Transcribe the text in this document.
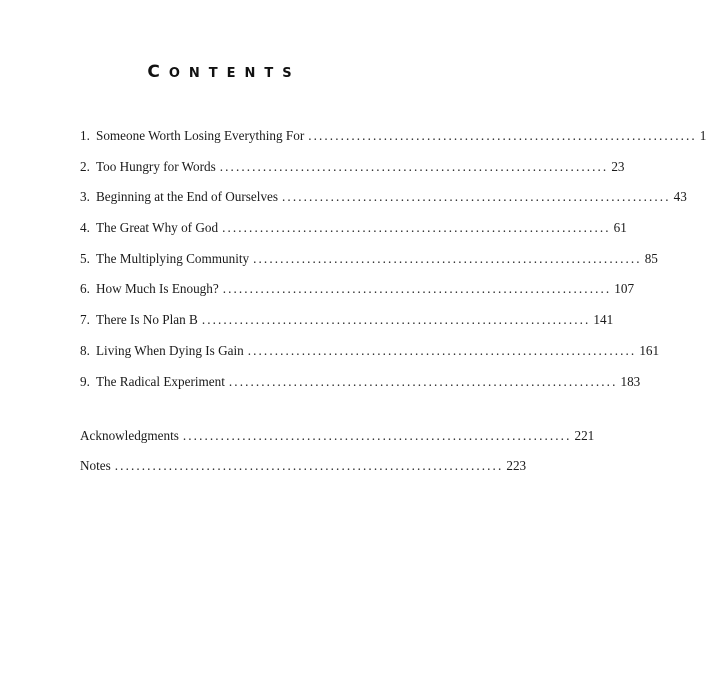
CONTENTS
1. Someone Worth Losing Everything For ........................................................................ 1
2. Too Hungry for Words ........................................................................ 23
3. Beginning at the End of Ourselves ........................................................................ 43
4. The Great Why of God ........................................................................ 61
5. The Multiplying Community ........................................................................ 85
6. How Much Is Enough? ........................................................................ 107
7. There Is No Plan B ........................................................................ 141
8. Living When Dying Is Gain ........................................................................ 161
9. The Radical Experiment ........................................................................ 183
Acknowledgments ........................................................................ 221
Notes ........................................................................ 223
